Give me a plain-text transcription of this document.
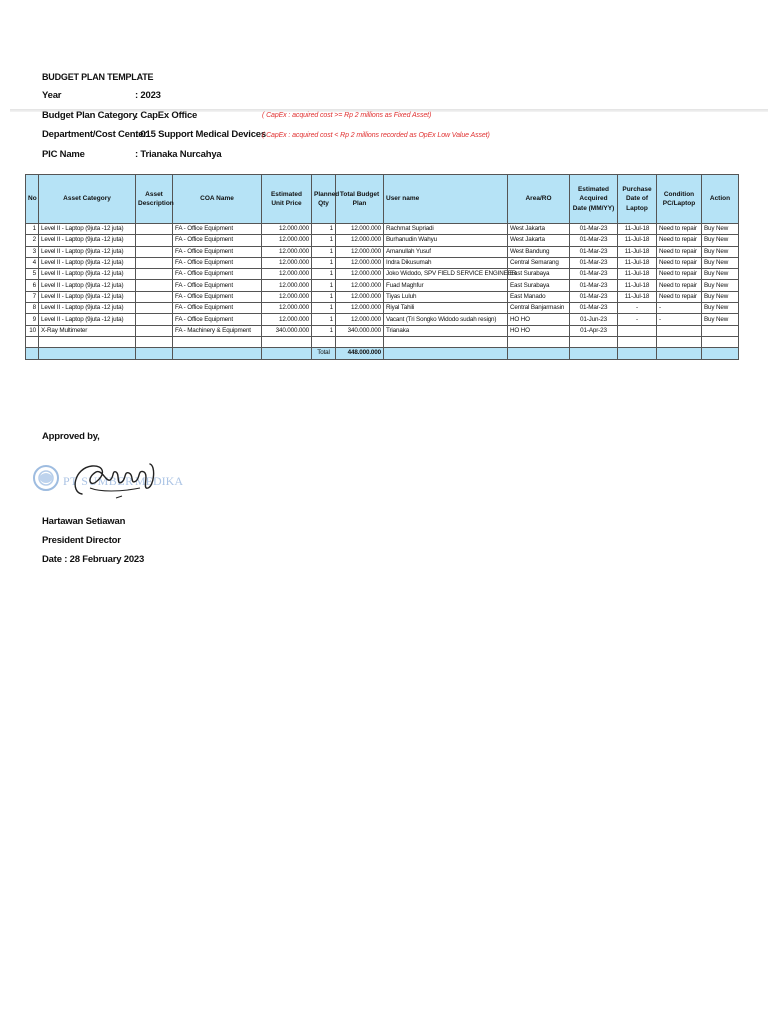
BUDGET PLAN TEMPLATE
Year	: 2023
Budget Plan Category
: CapEx Office
Department/Cost Center
: 015 Support Medical Devices
PIC Name	: Trianaka Nurcahya
( CapEx : acquired cost >= Rp 2 millions as Fixed Asset)
( CapEx : acquired cost < Rp 2 millions recorded as OpEx Low Value Asset)
No	Asset Category	Asset Description	COA Name	Estimated Unit Price	Planned Qty	Total Budget Plan	User name	Area/RO	Estimated Acquired Date (MM/YY)	Purchase Date of Laptop	Condition PC/Laptop	Action
1	Level II - Laptop (9juta -12 juta)		FA - Office Equipment	12.000.000	1	12.000.000	Rachmat Supriadi	West Jakarta	01-Mar-23	11-Jul-18	Need to repair	Buy New
2	Level II - Laptop (9juta -12 juta)		FA - Office Equipment	12.000.000	1	12.000.000	Burhanudin Wahyu	West Jakarta	01-Mar-23	11-Jul-18	Need to repair	Buy New
3	Level II - Laptop (9juta -12 juta)		FA - Office Equipment	12.000.000	1	12.000.000	Amanullah Yusuf	West Bandung	01-Mar-23	11-Jul-18	Need to repair	Buy New
4	Level II - Laptop (9juta -12 juta)		FA - Office Equipment	12.000.000	1	12.000.000	Indra Dikusumah	Central Semarang	01-Mar-23	11-Jul-18	Need to repair	Buy New
5	Level II - Laptop (9juta -12 juta)		FA - Office Equipment	12.000.000	1	12.000.000	Joko Widodo, SPV FIELD SERVICE ENGINEER	East Surabaya	01-Mar-23	11-Jul-18	Need to repair	Buy New
6	Level II - Laptop (9juta -12 juta)		FA - Office Equipment	12.000.000	1	12.000.000	Fuad Maghfur	East Surabaya	01-Mar-23	11-Jul-18	Need to repair	Buy New
7	Level II - Laptop (9juta -12 juta)		FA - Office Equipment	12.000.000	1	12.000.000	Tiyas Luluh	East Manado	01-Mar-23	11-Jul-18	Need to repair	Buy New
8	Level II - Laptop (9juta -12 juta)		FA - Office Equipment	12.000.000	1	12.000.000	Riyal Tahili	Central Banjarmasin	01-Mar-23	-	-	Buy New
9	Level II - Laptop (9juta -12 juta)		FA - Office Equipment	12.000.000	1	12.000.000	Vacant (Tri Songko Widodo sudah resign)	HO HO	01-Jun-23	-	-	Buy New
10	X-Ray Multimeter		FA - Machinery & Equipment	340.000.000	1	340.000.000	Trianaka	HO HO	01-Apr-23			

					Total	448.000.000						
Approved by,
PT SUMBER MEDIKA
Hartawan Setiawan
President Director
Date : 28 February 2023
